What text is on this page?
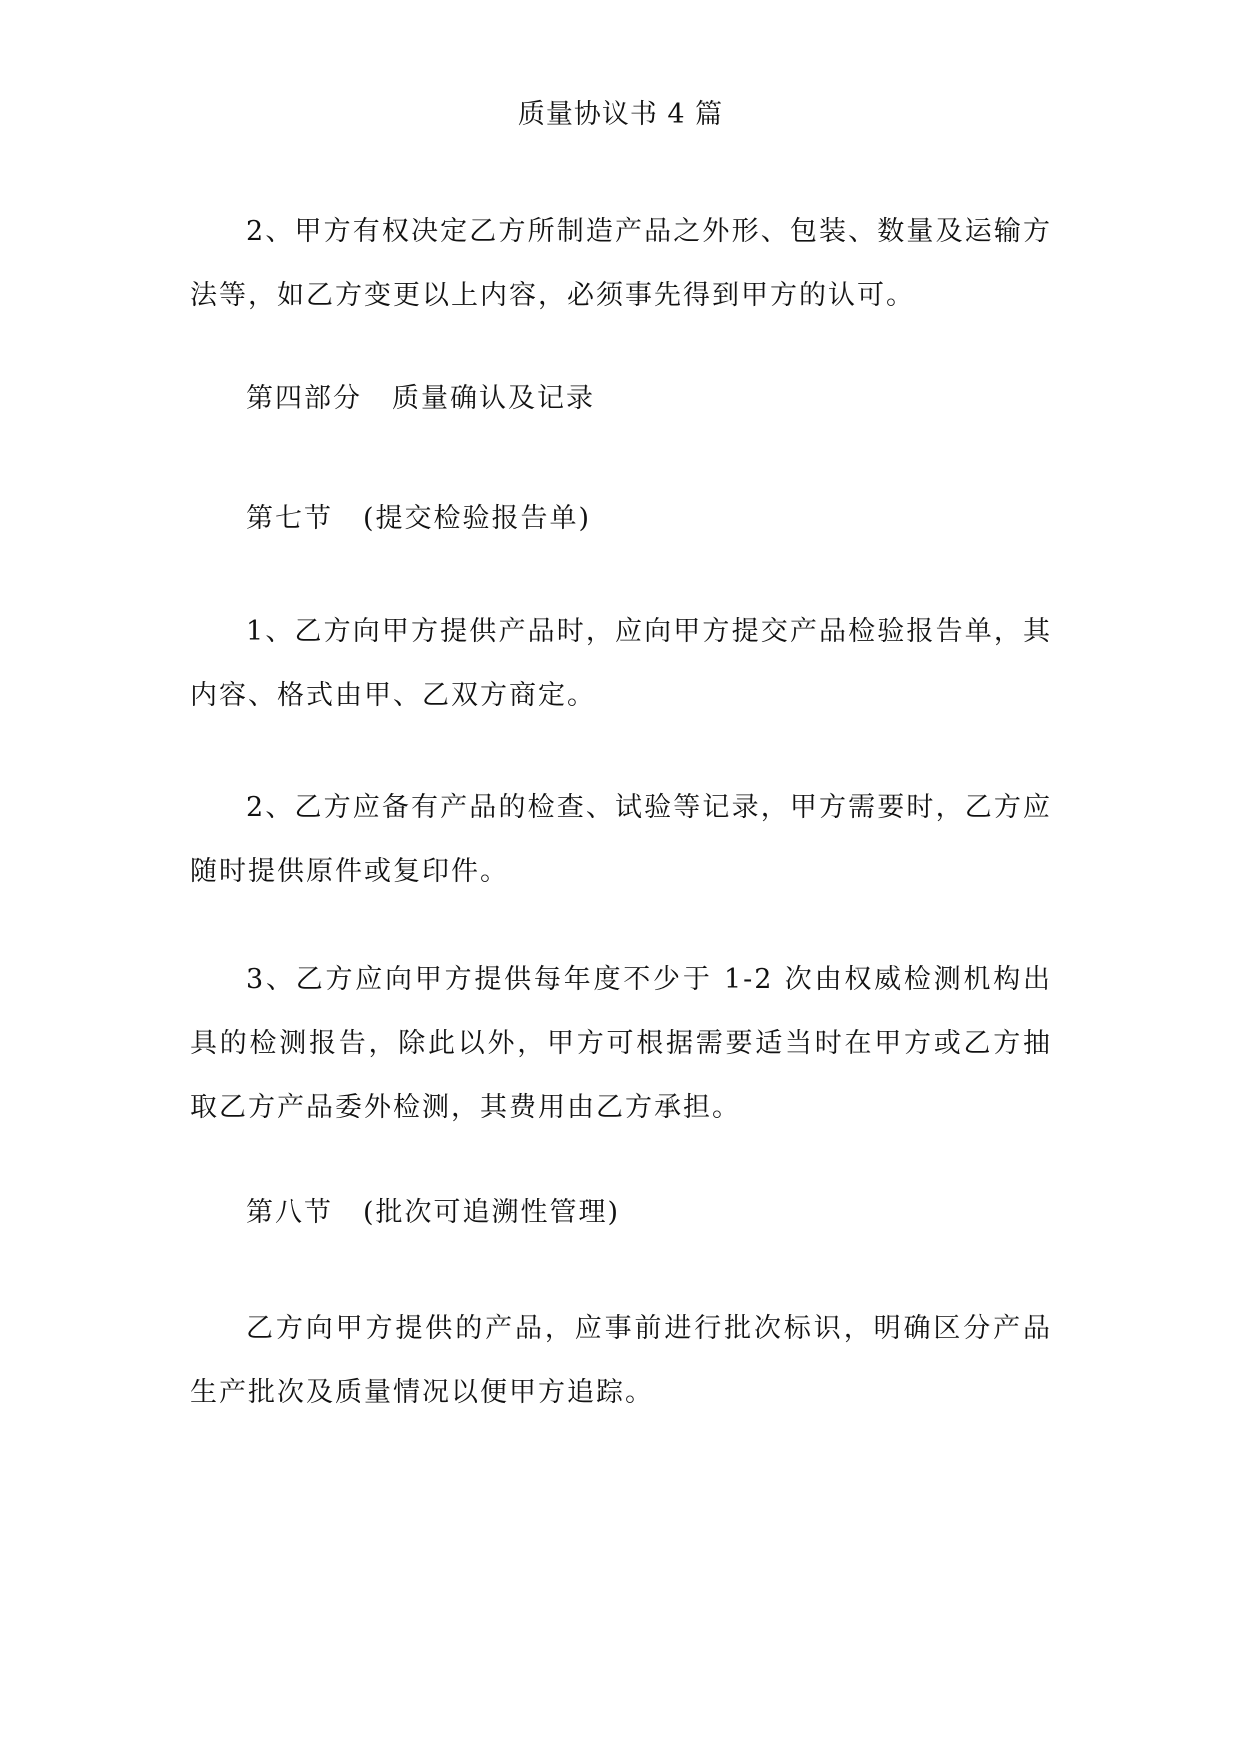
质量协议书 4 篇

2、甲方有权决定乙方所制造产品之外形、包装、数量及运输方法等，如乙方变更以上内容，必须事先得到甲方的认可。

第四部分 质量确认及记录
第七节 (提交检验报告单)

1、乙方向甲方提供产品时，应向甲方提交产品检验报告单，其内容、格式由甲、乙双方商定。

2、乙方应备有产品的检查、试验等记录，甲方需要时，乙方应随时提供原件或复印件。

3、乙方应向甲方提供每年度不少于 1-2 次由权威检测机构出具的检测报告，除此以外，甲方可根据需要适当时在甲方或乙方抽取乙方产品委外检测，其费用由乙方承担。

第八节 (批次可追溯性管理)

乙方向甲方提供的产品，应事前进行批次标识，明确区分产品生产批次及质量情况以便甲方追踪。
